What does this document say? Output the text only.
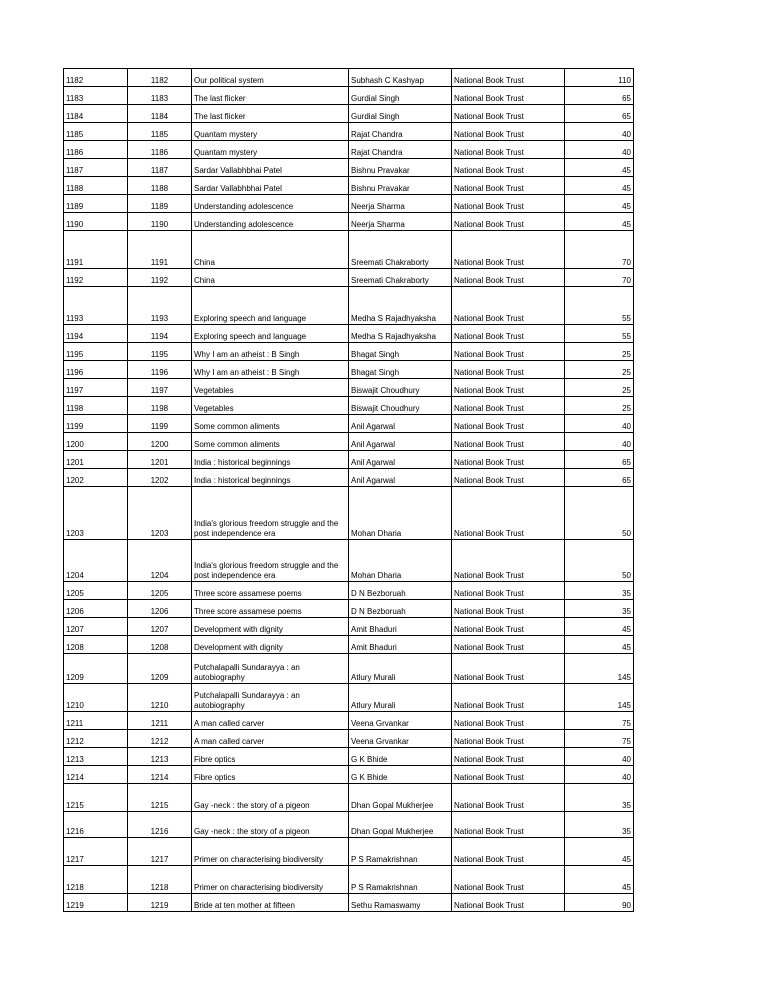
1182	1182	Our political system	Subhash C Kashyap	National Book Trust	110
1183	1183	The last flicker	Gurdial Singh	National Book Trust	65
1184	1184	The last flicker	Gurdial Singh	National Book Trust	65
1185	1185	Quantam mystery	Rajat Chandra	National Book Trust	40
1186	1186	Quantam mystery	Rajat Chandra	National Book Trust	40
1187	1187	Sardar Vallabhbhai Patel	Bishnu Pravakar	National Book Trust	45
1188	1188	Sardar Vallabhbhai Patel	Bishnu Pravakar	National Book Trust	45
1189	1189	Understanding adolescence	Neerja Sharma	National Book Trust	45
1190	1190	Understanding adolescence	Neerja Sharma	National Book Trust	45
1191	1191	China	Sreemati Chakraborty	National Book Trust	70
1192	1192	China	Sreemati Chakraborty	National Book Trust	70
1193	1193	Exploring speech and language	Medha S Rajadhyaksha	National Book Trust	55
1194	1194	Exploring speech and language	Medha S Rajadhyaksha	National Book Trust	55
1195	1195	Why I am an atheist : B Singh	Bhagat Singh	National Book Trust	25
1196	1196	Why I am an atheist : B Singh	Bhagat Singh	National Book Trust	25
1197	1197	Vegetables	Biswajit Choudhury	National Book Trust	25
1198	1198	Vegetables	Biswajit Choudhury	National Book Trust	25
1199	1199	Some common aliments	Anil Agarwal	National Book Trust	40
1200	1200	Some common aliments	Anil Agarwal	National Book Trust	40
1201	1201	India : historical beginnings	Anil Agarwal	National Book Trust	65
1202	1202	India : historical beginnings	Anil Agarwal	National Book Trust	65
1203	1203	India's glorious freedom struggle and the post independence era	Mohan Dharia	National Book Trust	50
1204	1204	India's glorious freedom struggle and the post independence era	Mohan Dharia	National Book Trust	50
1205	1205	Three score assamese poems	D N Bezboruah	National Book Trust	35
1206	1206	Three score assamese poems	D N Bezboruah	National Book Trust	35
1207	1207	Development with dignity	Amit Bhaduri	National Book Trust	45
1208	1208	Development with dignity	Amit Bhaduri	National Book Trust	45
1209	1209	Putchalapalli Sundarayya : an autobiography	Atlury Murali	National Book Trust	145
1210	1210	Putchalapalli Sundarayya : an autobiography	Atlury Murali	National Book Trust	145
1211	1211	A man called carver	Veena Grvankar	National Book Trust	75
1212	1212	A man called carver	Veena Grvankar	National Book Trust	75
1213	1213	Fibre optics	G K Bhide	National Book Trust	40
1214	1214	Fibre optics	G K Bhide	National Book Trust	40
1215	1215	Gay -neck : the story of a pigeon	Dhan Gopal Mukherjee	National Book Trust	35
1216	1216	Gay -neck : the story of a pigeon	Dhan Gopal Mukherjee	National Book Trust	35
1217	1217	Primer on characterising biodiversity	P S Ramakrishnan	National Book Trust	45
1218	1218	Primer on characterising biodiversity	P S Ramakrishnan	National Book Trust	45
1219	1219	Bride at ten mother at fifteen	Sethu Ramaswamy	National Book Trust	90
